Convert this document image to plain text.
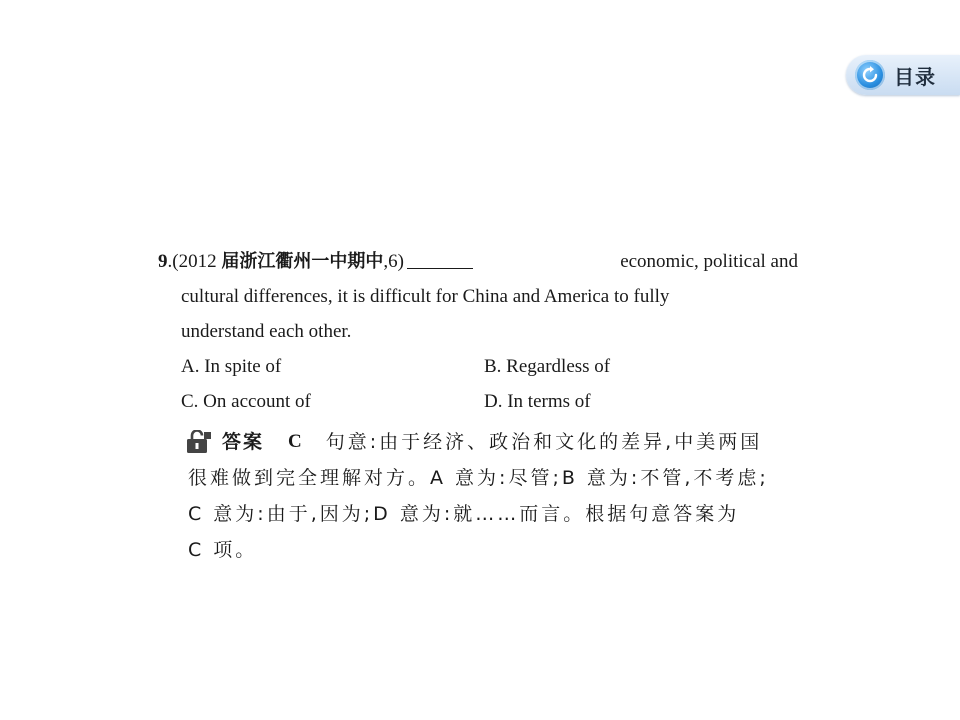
目录
9.(2012 届浙江衢州一中期中,6)	economic, political and
cultural differences, it is difficult for China and America to fully
understand each other.
A. In spite of	B. Regardless of
C. On account of	D. In terms of
答案 C 句意:由于经济、政治和文化的差异,中美两国
很难做到完全理解对方。A 意为:尽管;B 意为:不管,不考虑;
C 意为:由于,因为;D 意为:就……而言。根据句意答案为
C 项。
